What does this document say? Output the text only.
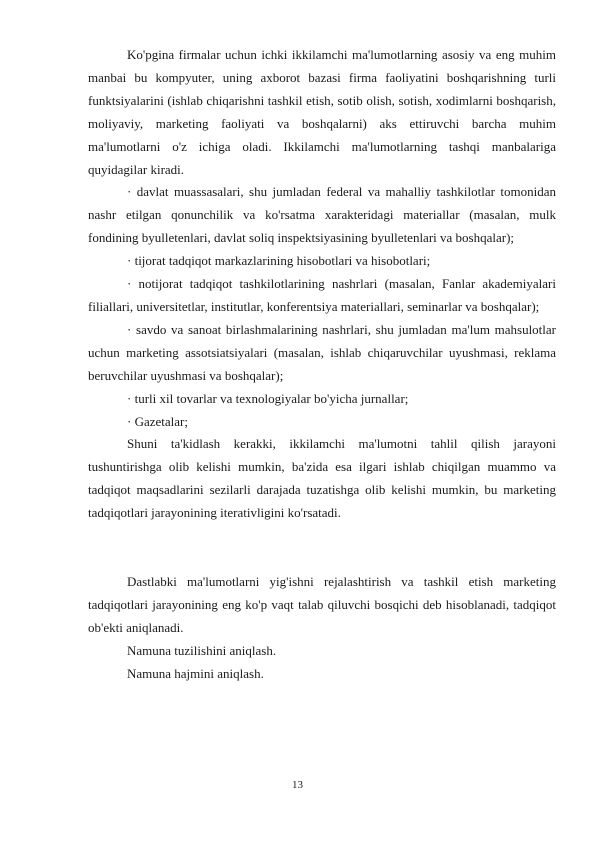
Ko'pgina firmalar uchun ichki ikkilamchi ma'lumotlarning asosiy va eng muhim manbai bu kompyuter, uning axborot bazasi firma faoliyatini boshqarishning turli funktsiyalarini (ishlab chiqarishni tashkil etish, sotib olish, sotish, xodimlarni boshqarish, moliyaviy, marketing faoliyati va boshqalarni) aks ettiruvchi barcha muhim ma'lumotlarni o'z ichiga oladi. Ikkilamchi ma'lumotlarning tashqi manbalariga quyidagilar kiradi.

· davlat muassasalari, shu jumladan federal va mahalliy tashkilotlar tomonidan nashr etilgan qonunchilik va ko'rsatma xarakteridagi materiallar (masalan, mulk fondining byulletenlari, davlat soliq inspektsiyasining byulletenlari va boshqalar);

· tijorat tadqiqot markazlarining hisobotlari va hisobotlari;

· notijorat tadqiqot tashkilotlarining nashrlari (masalan, Fanlar akademiyalari filiallari, universitetlar, institutlar, konferentsiya materiallari, seminarlar va boshqalar);

· savdo va sanoat birlashmalarining nashrlari, shu jumladan ma'lum mahsulotlar uchun marketing assotsiatsiyalari (masalan, ishlab chiqaruvchilar uyushmasi, reklama beruvchilar uyushmasi va boshqalar);

· turli xil tovarlar va texnologiyalar bo'yicha jurnallar;

· Gazetalar;

Shuni ta'kidlash kerakki, ikkilamchi ma'lumotni tahlil qilish jarayoni tushuntirishga olib kelishi mumkin, ba'zida esa ilgari ishlab chiqilgan muammo va tadqiqot maqsadlarini sezilarli darajada tuzatishga olib kelishi mumkin, bu marketing tadqiqotlari jarayonining iterativligini ko'rsatadi.

Dastlabki ma'lumotlarni yig'ishni rejalashtirish va tashkil etish marketing tadqiqotlari jarayonining eng ko'p vaqt talab qiluvchi bosqichi deb hisoblanadi, tadqiqot ob'ekti aniqlanadi.

Namuna tuzilishini aniqlash.

Namuna hajmini aniqlash.

13
